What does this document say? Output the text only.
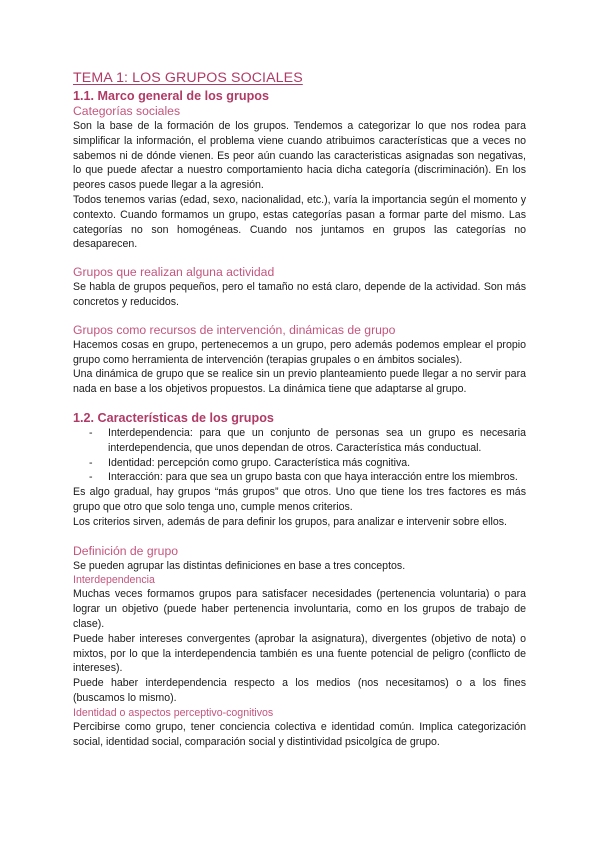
TEMA 1: LOS GRUPOS SOCIALES
1.1. Marco general de los grupos
Categorías sociales

Son la base de la formación de los grupos. Tendemos a categorizar lo que nos rodea para simplificar la información, el problema viene cuando atribuimos características que a veces no sabemos ni de dónde vienen. Es peor aún cuando las caracteristicas asignadas son negativas, lo que puede afectar a nuestro comportamiento hacia dicha categoría (discriminación). En los peores casos puede llegar a la agresión.

Todos tenemos varias (edad, sexo, nacionalidad, etc.), varía la importancia según el momento y contexto. Cuando formamos un grupo, estas categorías pasan a formar parte del mismo. Las categorías no son homogéneas. Cuando nos juntamos en grupos las categorías no desaparecen.

Grupos que realizan alguna actividad

Se habla de grupos pequeños, pero el tamaño no está claro, depende de la actividad. Son más concretos y reducidos.

Grupos como recursos de intervención, dinámicas de grupo

Hacemos cosas en grupo, pertenecemos a un grupo, pero además podemos emplear el propio grupo como herramienta de intervención (terapias grupales o en ámbitos sociales).

Una dinámica de grupo que se realice sin un previo planteamiento puede llegar a no servir para nada en base a los objetivos propuestos. La dinámica tiene que adaptarse al grupo.

1.2. Características de los grupos
- Interdependencia: para que un conjunto de personas sea un grupo es necesaria interdependencia, que unos dependan de otros. Característica más conductual.
- Identidad: percepción como grupo. Característica más cognitiva.
- Interacción: para que sea un grupo basta con que haya interacción entre los miembros.

Es algo gradual, hay grupos “más grupos” que otros. Uno que tiene los tres factores es más grupo que otro que solo tenga uno, cumple menos criterios.

Los criterios sirven, además de para definir los grupos, para analizar e intervenir sobre ellos.

Definición de grupo

Se pueden agrupar las distintas definiciones en base a tres conceptos.

Interdependencia

Muchas veces formamos grupos para satisfacer necesidades (pertenencia voluntaria) o para lograr un objetivo (puede haber pertenencia involuntaria, como en los grupos de trabajo de clase).

Puede haber intereses convergentes (aprobar la asignatura), divergentes (objetivo de nota) o mixtos, por lo que la interdependencia también es una fuente potencial de peligro (conflicto de intereses).

Puede haber interdependencia respecto a los medios (nos necesitamos) o a los fines (buscamos lo mismo).

Identidad o aspectos perceptivo-cognitivos

Percibirse como grupo, tener conciencia colectiva e identidad común. Implica categorización social, identidad social, comparación social y distintividad psicolgíca de grupo.
